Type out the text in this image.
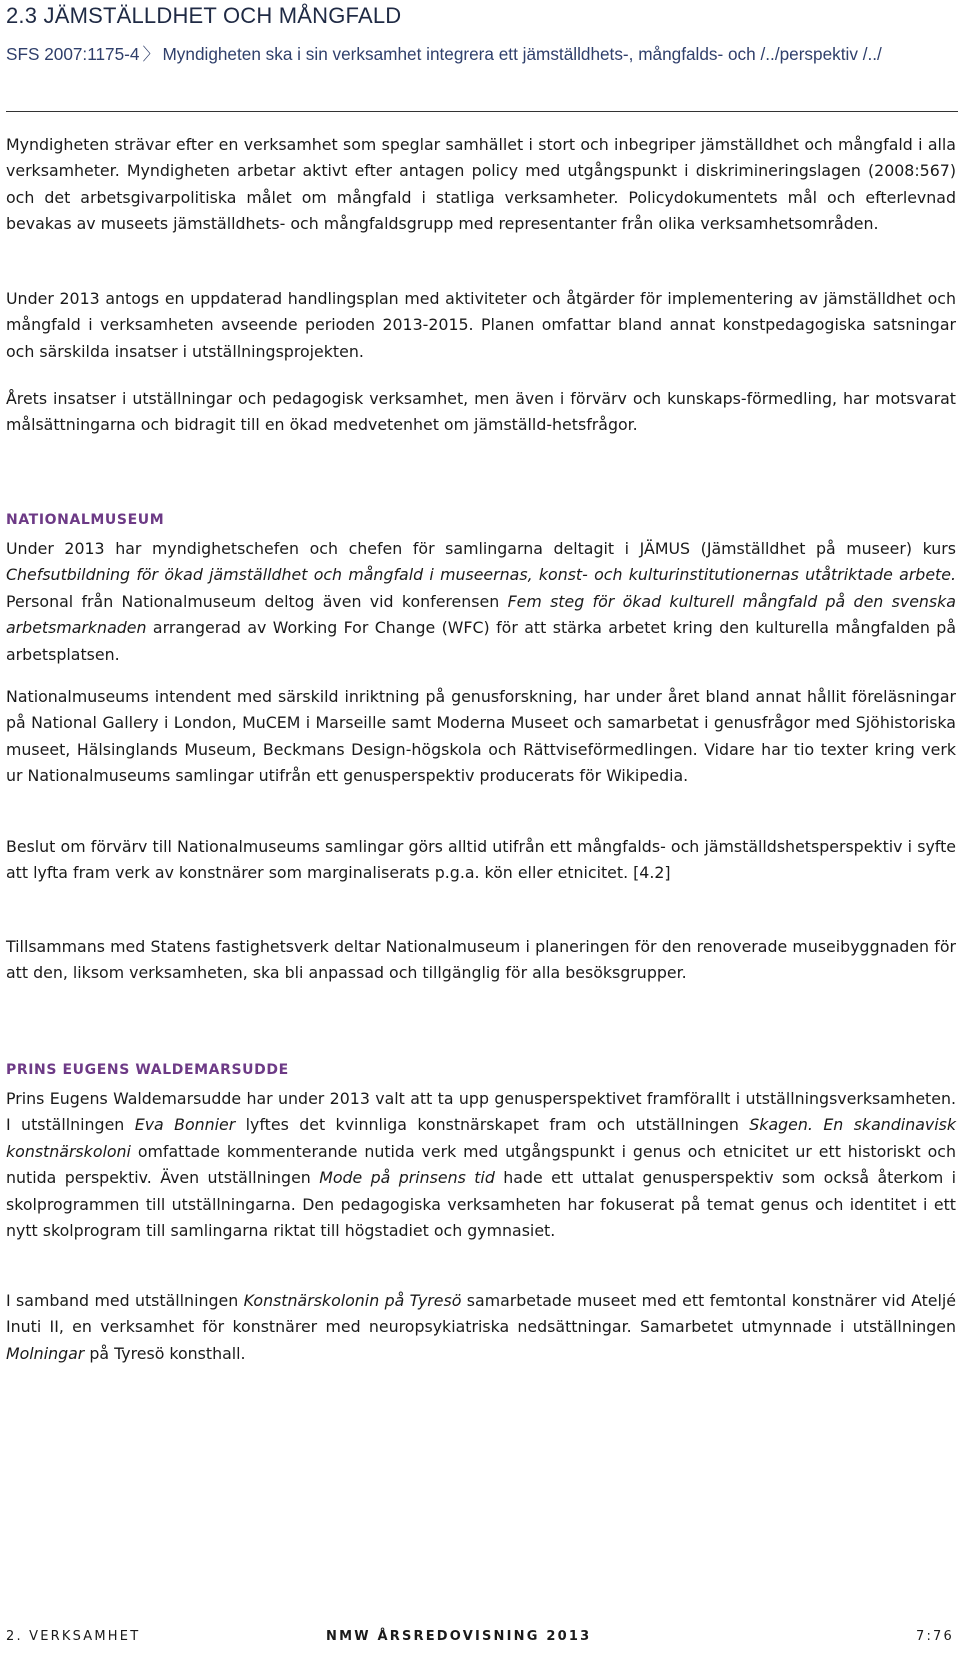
2.3 JÄMSTÄLLDHET OCH MÅNGFALD
SFS 2007:1175-4 〉 Myndigheten ska i sin verksamhet integrera ett jämställdhets-, mångfalds- och /../perspektiv /../

Myndigheten strävar efter en verksamhet som speglar samhället i stort och inbegriper jämställdhet och mångfald i alla verksamheter. Myndigheten arbetar aktivt efter antagen policy med utgångspunkt i diskrimineringslagen (2008:567) och det arbetsgivarpolitiska målet om mångfald i statliga verksamheter. Policydokumentets mål och efterlevnad bevakas av museets jämställdhets- och mångfaldsgrupp med representanter från olika verksamhetsområden.

Under 2013 antogs en uppdaterad handlingsplan med aktiviteter och åtgärder för implementering av jämställdhet och mångfald i verksamheten avseende perioden 2013-2015. Planen omfattar bland annat konstpedagogiska satsningar och särskilda insatser i utställningsprojekten.

Årets insatser i utställningar och pedagogisk verksamhet, men även i förvärv och kunskaps-förmedling, har motsvarat målsättningarna och bidragit till en ökad medvetenhet om jämställd-hetsfrågor.

NATIONALMUSEUM

Under 2013 har myndighetschefen och chefen för samlingarna deltagit i JÄMUS (Jämställdhet på museer) kurs Chefsutbildning för ökad jämställdhet och mångfald i museernas, konst- och kulturinstitutionernas utåtriktade arbete. Personal från Nationalmuseum deltog även vid konferensen Fem steg för ökad kulturell mångfald på den svenska arbetsmarknaden arrangerad av Working For Change (WFC) för att stärka arbetet kring den kulturella mångfalden på arbetsplatsen.

Nationalmuseums intendent med särskild inriktning på genusforskning, har under året bland annat hållit föreläsningar på National Gallery i London, MuCEM i Marseille samt Moderna Museet och samarbetat i genusfrågor med Sjöhistoriska museet, Hälsinglands Museum, Beckmans Design-högskola och Rättviseförmedlingen. Vidare har tio texter kring verk ur Nationalmuseums samlingar utifrån ett genusperspektiv producerats för Wikipedia.

Beslut om förvärv till Nationalmuseums samlingar görs alltid utifrån ett mångfalds- och jämställdshetsperspektiv i syfte att lyfta fram verk av konstnärer som marginaliserats p.g.a. kön eller etnicitet. [4.2]

Tillsammans med Statens fastighetsverk deltar Nationalmuseum i planeringen för den renoverade museibyggnaden för att den, liksom verksamheten, ska bli anpassad och tillgänglig för alla besöksgrupper.

PRINS EUGENS WALDEMARSUDDE

Prins Eugens Waldemarsudde har under 2013 valt att ta upp genusperspektivet framförallt i utställningsverksamheten. I utställningen Eva Bonnier lyftes det kvinnliga konstnärskapet fram och utställningen Skagen. En skandinavisk konstnärskoloni omfattade kommenterande nutida verk med utgångspunkt i genus och etnicitet ur ett historiskt och nutida perspektiv. Även utställningen Mode på prinsens tid hade ett uttalat genusperspektiv som också återkom i skolprogrammen till utställningarna. Den pedagogiska verksamheten har fokuserat på temat genus och identitet i ett nytt skolprogram till samlingarna riktat till högstadiet och gymnasiet.

I samband med utställningen Konstnärskolonin på Tyresö samarbetade museet med ett femtontal konstnärer vid Ateljé Inuti II, en verksamhet för konstnärer med neuropsykiatriska nedsättningar. Samarbetet utmynnade i utställningen Molningar på Tyresö konsthall.

2. VERKSAMHET	NMW ÅRSREDOVISNING 2013	7:76
